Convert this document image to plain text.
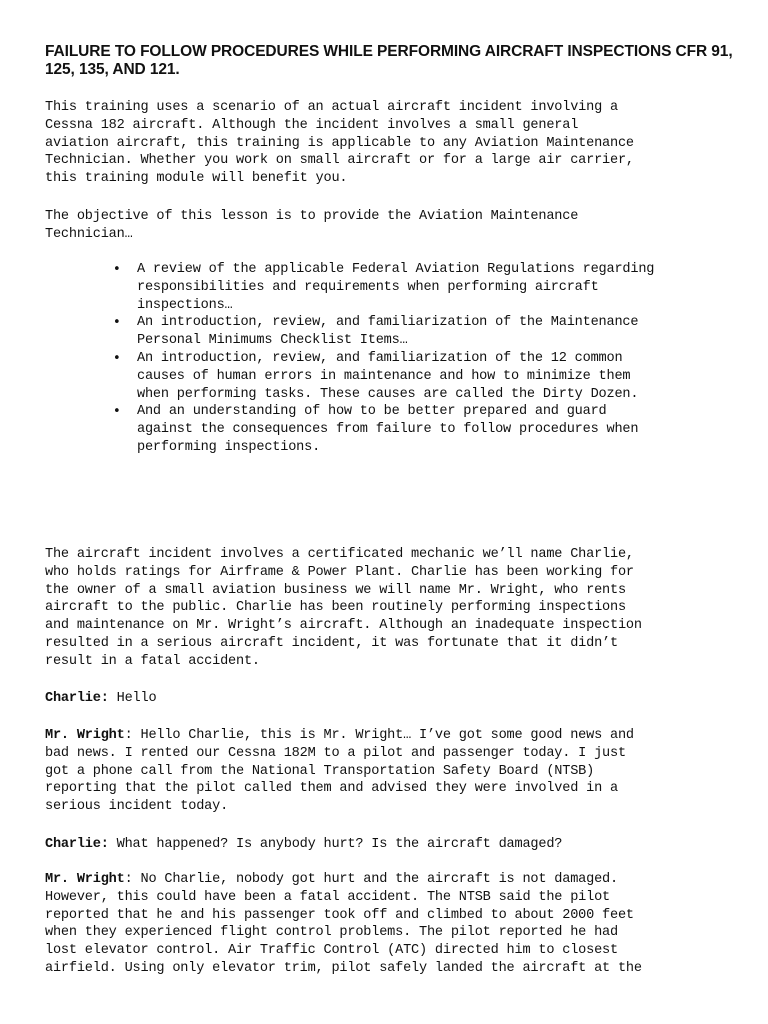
FAILURE TO FOLLOW PROCEDURES WHILE PERFORMING AIRCRAFT INSPECTIONS CFR 91, 125, 135, AND 121.

This training uses a scenario of an actual aircraft incident involving a
Cessna 182 aircraft. Although the incident involves a small general
aviation aircraft, this training is applicable to any Aviation Maintenance
Technician. Whether you work on small aircraft or for a large air carrier,
this training module will benefit you.

The objective of this lesson is to provide the Aviation Maintenance
Technician…

• A review of the applicable Federal Aviation Regulations regarding
responsibilities and requirements when performing aircraft
inspections…

• An introduction, review, and familiarization of the Maintenance
Personal Minimums Checklist Items…

• An introduction, review, and familiarization of the 12 common
causes of human errors in maintenance and how to minimize them
when performing tasks. These causes are called the Dirty Dozen.

• And an understanding of how to be better prepared and guard
against the consequences from failure to follow procedures when
performing inspections.

The aircraft incident involves a certificated mechanic we’ll name Charlie,
who holds ratings for Airframe & Power Plant. Charlie has been working for
the owner of a small aviation business we will name Mr. Wright, who rents
aircraft to the public. Charlie has been routinely performing inspections
and maintenance on Mr. Wright’s aircraft. Although an inadequate inspection
resulted in a serious aircraft incident, it was fortunate that it didn’t
result in a fatal accident.

Charlie: Hello

Mr. Wright: Hello Charlie, this is Mr. Wright… I’ve got some good news and
bad news. I rented our Cessna 182M to a pilot and passenger today. I just
got a phone call from the National Transportation Safety Board (NTSB)
reporting that the pilot called them and advised they were involved in a
serious incident today.

Charlie: What happened? Is anybody hurt? Is the aircraft damaged?

Mr. Wright: No Charlie, nobody got hurt and the aircraft is not damaged.
However, this could have been a fatal accident. The NTSB said the pilot
reported that he and his passenger took off and climbed to about 2000 feet
when they experienced flight control problems. The pilot reported he had
lost elevator control. Air Traffic Control (ATC) directed him to closest
airfield. Using only elevator trim, pilot safely landed the aircraft at the
